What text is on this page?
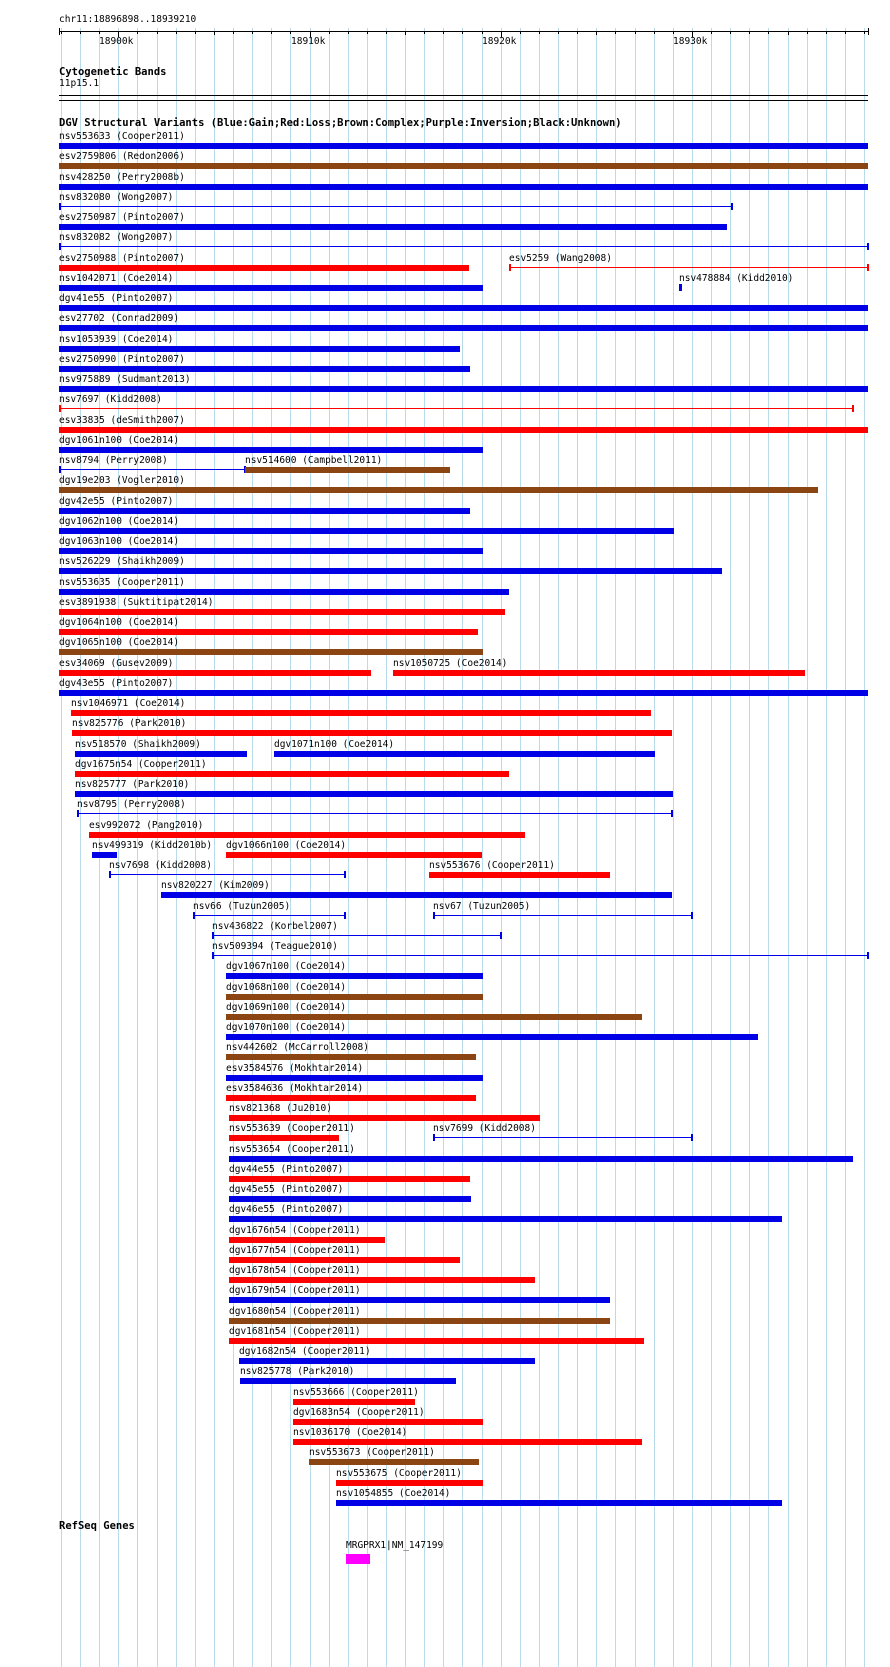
chr11:18896898..18939210
18900k	18910k	18920k	18930k
Cytogenetic Bands
11p15.1
DGV Structural Variants (Blue:Gain;Red:Loss;Brown:Complex;Purple:Inversion;Black:Unknown)
nsv553633 (Cooper2011)
esv2759806 (Redon2006)
nsv428250 (Perry2008b)
nsv832080 (Wong2007)
esv2750987 (Pinto2007)
nsv832082 (Wong2007)
esv2750988 (Pinto2007)	esv5259 (Wang2008)
nsv1042071 (Coe2014)	nsv478884 (Kidd2010)
dgv41e55 (Pinto2007)
esv27702 (Conrad2009)
nsv1053939 (Coe2014)
esv2750990 (Pinto2007)
nsv975889 (Sudmant2013)
nsv7697 (Kidd2008)
esv33835 (deSmith2007)
dgv1061n100 (Coe2014)
nsv8794 (Perry2008)	nsv514600 (Campbell2011)
dgv19e203 (Vogler2010)
dgv42e55 (Pinto2007)
dgv1062n100 (Coe2014)
dgv1063n100 (Coe2014)
nsv526229 (Shaikh2009)
nsv553635 (Cooper2011)
esv3891938 (Suktitipat2014)
dgv1064n100 (Coe2014)
dgv1065n100 (Coe2014)
esv34069 (Gusev2009)	nsv1050725 (Coe2014)
dgv43e55 (Pinto2007)
nsv1046971 (Coe2014)
nsv825776 (Park2010)
nsv518570 (Shaikh2009)	dgv1071n100 (Coe2014)
dgv1675n54 (Cooper2011)
nsv825777 (Park2010)
nsv8795 (Perry2008)
esv992072 (Pang2010)
nsv499319 (Kidd2010b) dgv1066n100 (Coe2014)
nsv7698 (Kidd2008)	nsv553676 (Cooper2011)
nsv820227 (Kim2009)
nsv66 (Tuzun2005)	nsv67 (Tuzun2005)
nsv436822 (Korbel2007)
nsv509394 (Teague2010)
dgv1067n100 (Coe2014)
dgv1068n100 (Coe2014)
dgv1069n100 (Coe2014)
dgv1070n100 (Coe2014)
nsv442602 (McCarroll2008)
esv3584576 (Mokhtar2014)
esv3584636 (Mokhtar2014)
nsv821368 (Ju2010)
nsv553639 (Cooper2011)	nsv7699 (Kidd2008)
nsv553654 (Cooper2011)
dgv44e55 (Pinto2007)
dgv45e55 (Pinto2007)
dgv46e55 (Pinto2007)
dgv1676n54 (Cooper2011)
dgv1677n54 (Cooper2011)
dgv1678n54 (Cooper2011)
dgv1679n54 (Cooper2011)
dgv1680n54 (Cooper2011)
dgv1681n54 (Cooper2011)
dgv1682n54 (Cooper2011)
nsv825778 (Park2010)
nsv553666 (Cooper2011)
dgv1683n54 (Cooper2011)
nsv1036170 (Coe2014)
nsv553673 (Cooper2011)
nsv553675 (Cooper2011)
nsv1054855 (Coe2014)
RefSeq Genes
MRGPRX1|NM_147199
